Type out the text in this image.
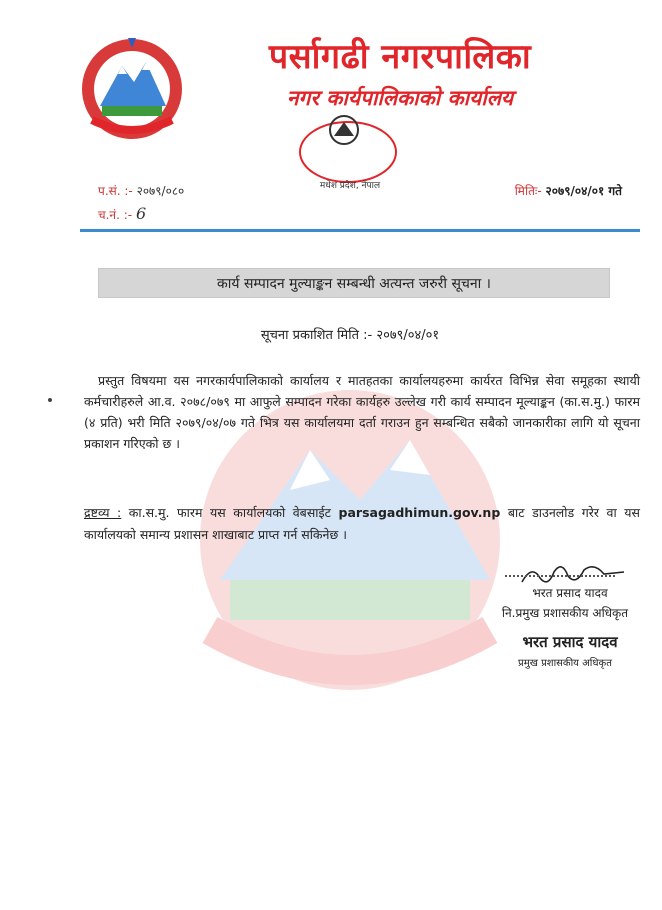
पर्सागढी नगरपालिका
नगर कार्यपालिकाको कार्यालय
मधेश प्रदेश, नेपाल
प.सं. :- २०७९/०८०
च.नं. :- 6
मितिः- २०७९/०४/०१ गते
कार्य सम्पादन मुल्याङ्कन सम्बन्धी अत्यन्त जरुरी सूचना ।
सूचना प्रकाशित मिति :- २०७९/०४/०१
प्रस्तुत विषयमा यस नगरकार्यपालिकाको कार्यालय र मातहतका कार्यालयहरुमा कार्यरत विभिन्न सेवा समूहका स्थायी कर्मचारीहरुले आ.व. २०७८/०७९ मा आफुले सम्पादन गरेका कार्यहरु उल्लेख गरी कार्य सम्पादन मूल्याङ्कन (का.स.मु.) फारम (४ प्रति) भरी मिति २०७९/०४/०७ गते भित्र यस कार्यालयमा दर्ता गराउन हुन सम्बन्धित सबैको जानकारीका लागि यो सूचना प्रकाशन गरिएको छ ।
द्रष्टव्य : का.स.मु. फारम यस कार्यालयको वेबसाईट parsagadhimun.gov.np बाट डाउनलोड गरेर वा यस कार्यालयको समान्य प्रशासन शाखाबाट प्राप्त गर्न सकिनेछ ।
भरत प्रसाद यादव
नि.प्रमुख प्रशासकीय अधिकृत
भरत प्रसाद यादव
प्रमुख प्रशासकीय अधिकृत
